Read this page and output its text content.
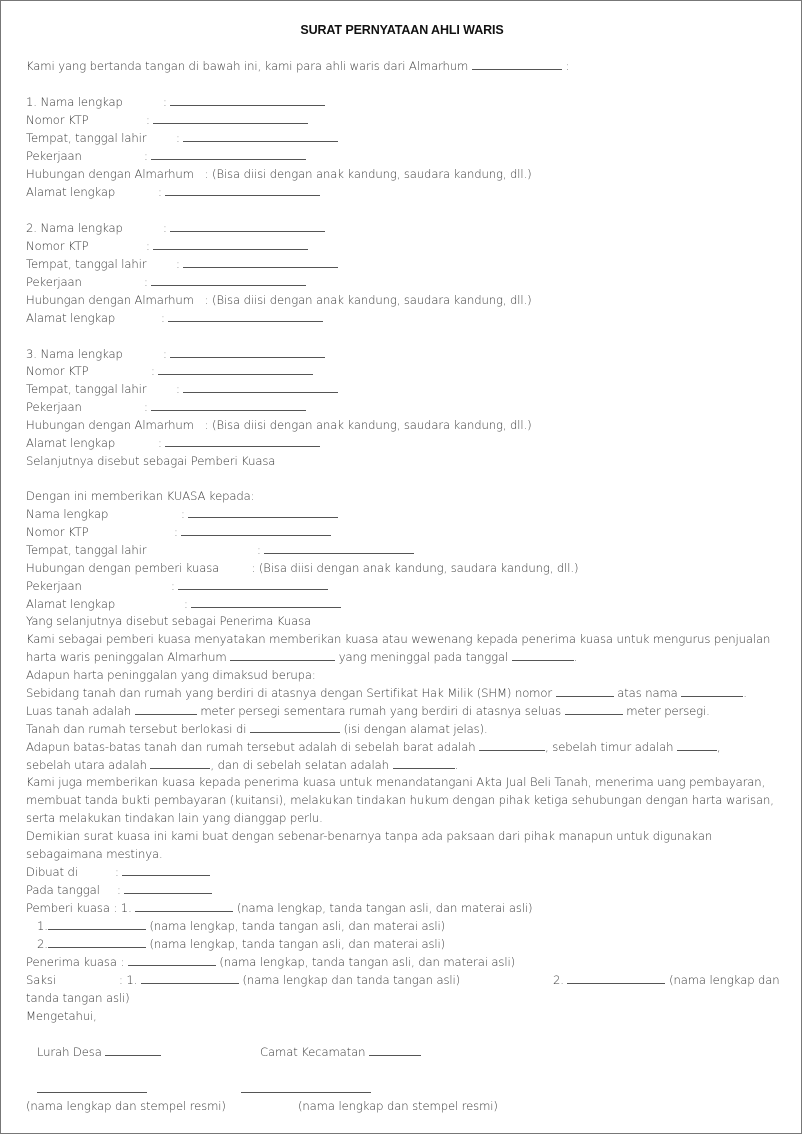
SURAT PERNYATAAN AHLI WARIS
Kami yang bertanda tangan di bawah ini, kami para ahli waris dari Almarhum	:
1. Nama lengkap	:
Nomor KTP	:
Tempat, tanggal lahir	:
Pekerjaan	:
Hubungan dengan Almarhum : (Bisa diisi dengan anak kandung, saudara kandung, dll.)
Alamat lengkap	:
2. Nama lengkap	:
Nomor KTP	:
Tempat, tanggal lahir	:
Pekerjaan	:
Hubungan dengan Almarhum : (Bisa diisi dengan anak kandung, saudara kandung, dll.)
Alamat lengkap	:
3. Nama lengkap	:
Nomor KTP	:
Tempat, tanggal lahir	:
Pekerjaan	:
Hubungan dengan Almarhum : (Bisa diisi dengan anak kandung, saudara kandung, dll.)
Alamat lengkap	:
Selanjutnya disebut sebagai Pemberi Kuasa
Dengan ini memberikan KUASA kepada:
Nama lengkap	:
Nomor KTP	:
Tempat, tanggal lahir	:
Hubungan dengan pemberi kuasa	: (Bisa diisi dengan anak kandung, saudara kandung, dll.)
Pekerjaan	:
Alamat lengkap	:
Yang selanjutnya disebut sebagai Penerima Kuasa
Kami sebagai pemberi kuasa menyatakan memberikan kuasa atau wewenang kepada penerima kuasa untuk mengurus penjualan
harta waris peninggalan Almarhum	yang meninggal pada tanggal	.
Adapun harta peninggalan yang dimaksud berupa:
Sebidang tanah dan rumah yang berdiri di atasnya dengan Sertifikat Hak Milik (SHM) nomor	atas nama	.
Luas tanah adalah	meter persegi sementara rumah yang berdiri di atasnya seluas	meter persegi.
Tanah dan rumah tersebut berlokasi di	(isi dengan alamat jelas).
Adapun batas-batas tanah dan rumah tersebut adalah di sebelah barat adalah	, sebelah timur adalah	,
sebelah utara adalah	, dan di sebelah selatan adalah	.
Kami juga memberikan kuasa kepada penerima kuasa untuk menandatangani Akta Jual Beli Tanah, menerima uang pembayaran,
membuat tanda bukti pembayaran (kuitansi), melakukan tindakan hukum dengan pihak ketiga sehubungan dengan harta warisan,
serta melakukan tindakan lain yang dianggap perlu.
Demikian surat kuasa ini kami buat dengan sebenar-benarnya tanpa ada paksaan dari pihak manapun untuk digunakan
sebagaimana mestinya.
Dibuat di	:
Pada tanggal :
Pemberi kuasa : 1.	(nama lengkap, tanda tangan asli, dan materai asli)
1.	(nama lengkap, tanda tangan asli, dan materai asli)
2.	(nama lengkap, tanda tangan asli, dan materai asli)
Penerima kuasa :	(nama lengkap, tanda tangan asli, dan materai asli)
Saksi	: 1.	(nama lengkap dan tanda tangan asli)	2.	(nama lengkap dan
tanda tangan asli)
Mengetahui,
Lurah Desa	Camat Kecamatan
(nama lengkap dan stempel resmi)	(nama lengkap dan stempel resmi)
